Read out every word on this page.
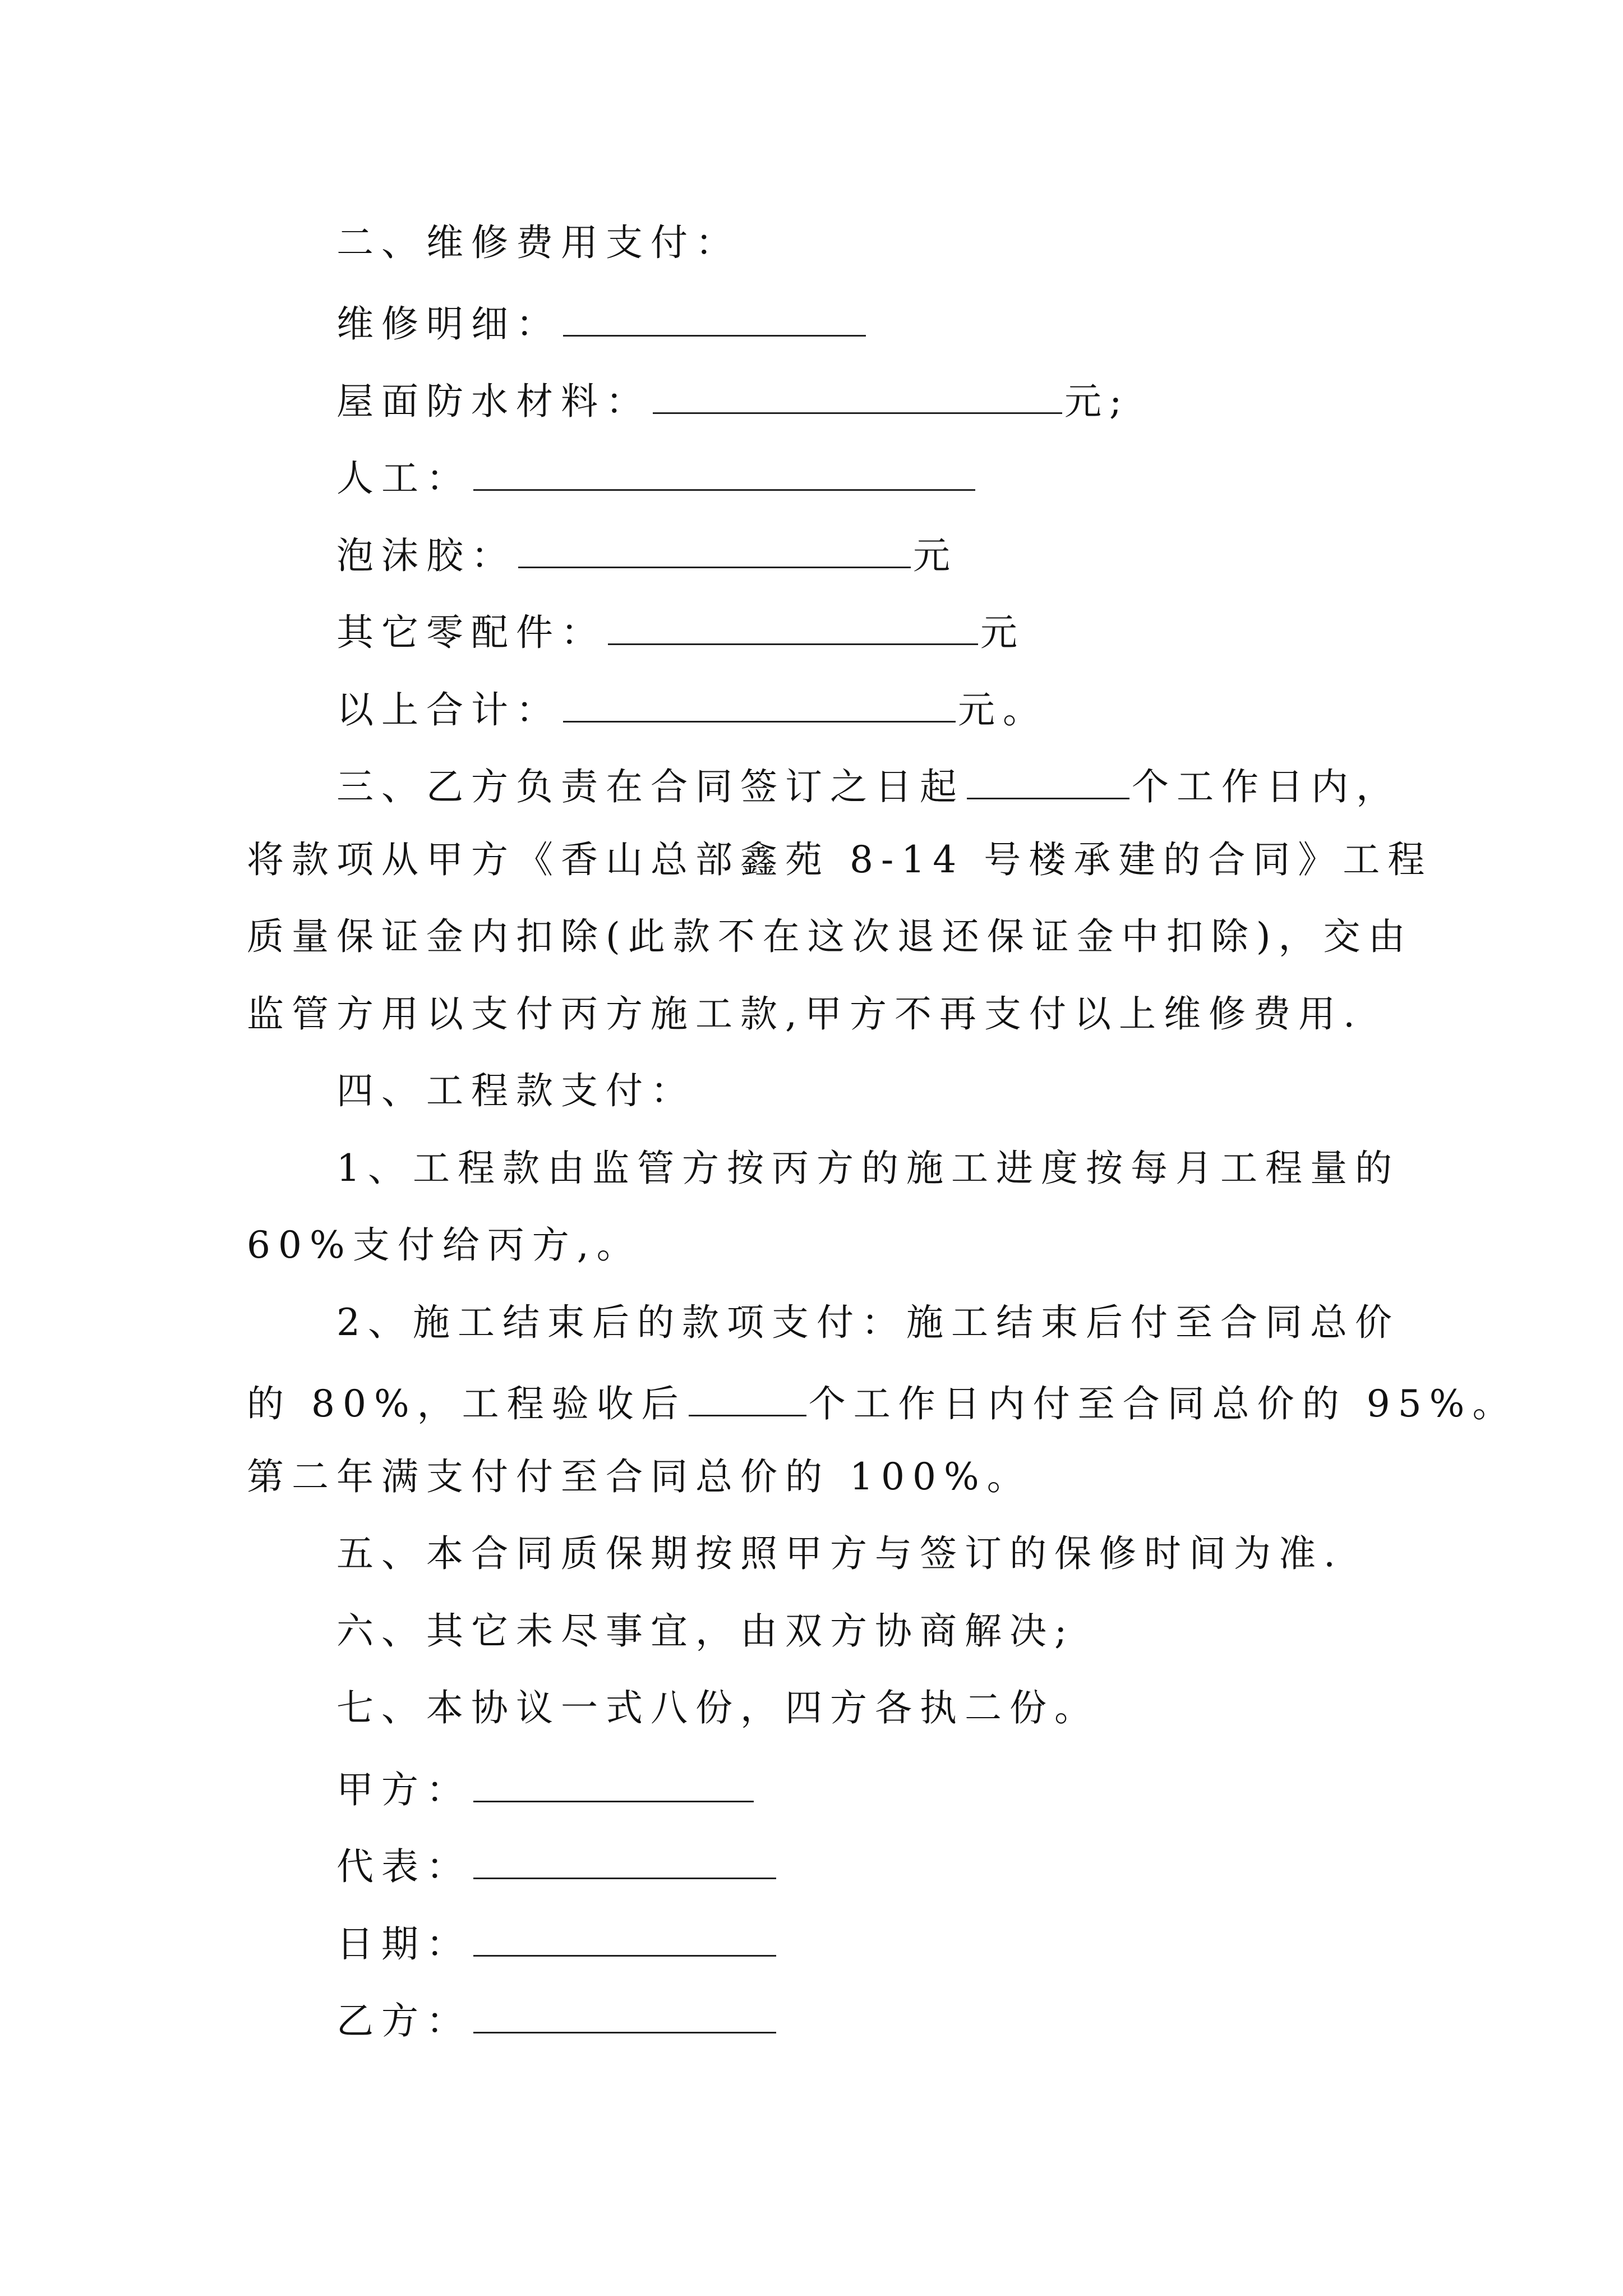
二、维修费用支付：
维修明细：
屋面防水材料：	元;
人工：
泡沫胶：	元
其它零配件：	元
以上合计：	元。
三、乙方负责在合同签订之日起	个工作日内，
将款项从甲方《香山总部鑫苑 8-14 号楼承建的合同》工程
质量保证金内扣除(此款不在这次退还保证金中扣除)，交由
监管方用以支付丙方施工款,甲方不再支付以上维修费用.
四、工程款支付：
1、工程款由监管方按丙方的施工进度按每月工程量的
60%支付给丙方,。
2、施工结束后的款项支付：施工结束后付至合同总价
的 80%，工程验收后	个工作日内付至合同总价的 95%。
第二年满支付付至合同总价的 100%。
五、本合同质保期按照甲方与签订的保修时间为准.
六、其它未尽事宜，由双方协商解决;
七、本协议一式八份，四方各执二份。
甲方：
代表：
日期：
乙方：
